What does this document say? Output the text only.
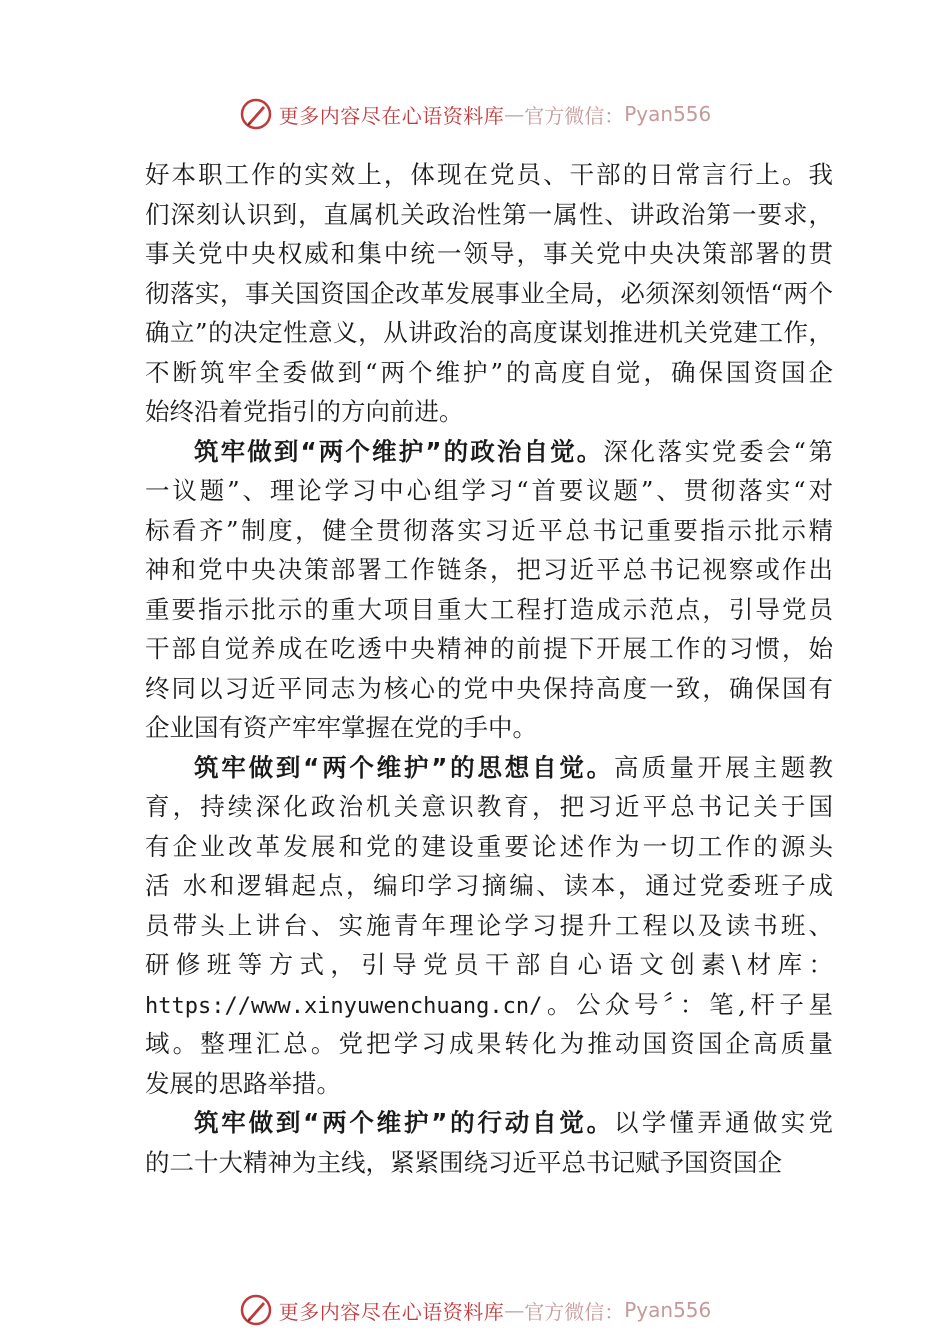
更多内容尽在心语资料库 — 官方微信： Pyan556
好本职工作的实效上，体现在党员、干部的日常言行上。我
们深刻认识到，直属机关政治性第一属性、讲政治第一要求，
事关党中央权威和集中统一领导，事关党中央决策部署的贯
彻落实，事关国资国企改革发展事业全局，必须深刻领悟“两个
确立”的决定性意义，从讲政治的高度谋划推进机关党建工作，
不断筑牢全委做到“两个维护”的高度自觉，确保国资国企
始终沿着党指引的方向前进。
筑牢做到“两个维护”的政治自觉。深化落实党委会“第
一议题”、理论学习中心组学习“首要议题”、贯彻落实“对
标看齐”制度，健全贯彻落实习近平总书记重要指示批示精
神和党中央决策部署工作链条，把习近平总书记视察或作出
重要指示批示的重大项目重大工程打造成示范点，引导党员
干部自觉养成在吃透中央精神的前提下开展工作的习惯，始
终同以习近平同志为核心的党中央保持高度一致，确保国有
企业国有资产牢牢掌握在党的手中。
筑牢做到“两个维护”的思想自觉。高质量开展主题教
育，持续深化政治机关意识教育，把习近平总书记关于国
有企业改革发展和党的建设重要论述作为一切工作的源头
活 水和逻辑起点，编印学习摘编、读本，通过党委班子成
员带头上讲台、实施青年理论学习提升工程以及读书班、
研修班等方式，引导党员干部自心语文创素\材库：
https://www.xinyuwenchuang.cn/。公众号〞：笔,杆子星
域。整理汇总。党把学习成果转化为推动国资国企高质量
发展的思路举措。
筑牢做到“两个维护”的行动自觉。以学懂弄通做实党
的二十大精神为主线，紧紧围绕习近平总书记赋予国资国企
更多内容尽在心语资料库 — 官方微信： Pyan556
